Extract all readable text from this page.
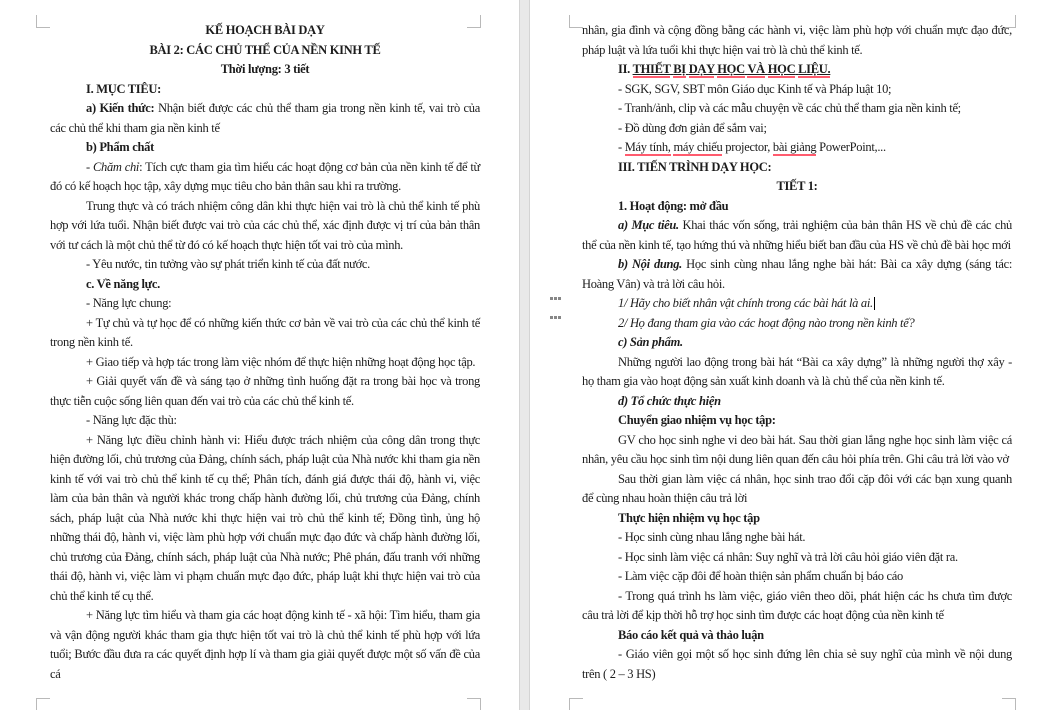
KẾ HOẠCH BÀI DẠY

BÀI 2: CÁC CHỦ THỂ CỦA NỀN KINH TẾ

Thời lượng: 3 tiết

I. MỤC TIÊU:

a) Kiến thức: Nhận biết được các chủ thể tham gia trong nền kinh tế, vai trò của các chủ thể khi tham gia nền kinh tế

b) Phẩm chất

- Chăm chỉ: Tích cực tham gia tìm hiểu các hoạt động cơ bản của nền kinh tế để từ đó có kế hoạch học tập, xây dựng mục tiêu cho bản thân sau khi ra trường.

Trung thực và có trách nhiệm công dân khi thực hiện vai trò là chủ thể kinh tế phù hợp với lứa tuổi. Nhận biết được vai trò của các chủ thể, xác định được vị trí của bản thân với tư cách là một chủ thể từ đó có kế hoạch thực hiện tốt vai trò của mình.

- Yêu nước, tin tưởng vào sự phát triển kinh tế của đất nước.

c. Về năng lực.

- Năng lực chung:

+ Tự chủ và tự học để có những kiến thức cơ bản về vai trò của các chủ thể kinh tế trong nền kinh tế.

+ Giao tiếp và hợp tác trong làm việc nhóm để thực hiện những hoạt động học tập.

+ Giải quyết vấn đề và sáng tạo ở những tình huống đặt ra trong bài học và trong thực tiễn cuộc sống liên quan đến vai trò của các chủ thể kinh tế.

- Năng lực đặc thù:

+ Năng lực điều chỉnh hành vi: Hiểu được trách nhiệm của công dân trong thực hiện đường lối, chủ trương của Đảng, chính sách, pháp luật của Nhà nước khi tham gia nền kinh tế với vai trò chủ thể kinh tế cụ thể; Phân tích, đánh giá được thái độ, hành vi, việc làm của bản thân và người khác trong chấp hành đường lối, chủ trương của Đảng, chính sách, pháp luật của Nhà nước khi thực hiện vai trò chủ thể kinh tế; Đồng tình, ủng hộ những thái độ, hành vi, việc làm phù hợp với chuẩn mực đạo đức và chấp hành đường lối, chủ trương của Đảng, chính sách, pháp luật của Nhà nước; Phê phán, đấu tranh với những thái độ, hành vi, việc làm vi phạm chuẩn mực đạo đức, pháp luật khi thực hiện vai trò của chủ thể kinh tế cụ thể.

+ Năng lực tìm hiểu và tham gia các hoạt động kinh tế - xã hội: Tìm hiểu, tham gia và vận động người khác tham gia thực hiện tốt vai trò là chủ thể kinh tế phù hợp với lứa tuổi; Bước đầu đưa ra các quyết định hợp lí và tham gia giải quyết được một số vấn đề của cá

nhân, gia đình và cộng đồng bằng các hành vi, việc làm phù hợp với chuẩn mực đạo đức, pháp luật và lứa tuổi khi thực hiện vai trò là chủ thể kinh tế.

II. THIẾT BỊ DẠY HỌC VÀ HỌC LIỆU.

- SGK, SGV, SBT môn Giáo dục Kinh tế và Pháp luật 10;

- Tranh/ảnh, clip và các mẫu chuyện về các chủ thể tham gia nền kinh tế;

- Đồ dùng đơn giản để sắm vai;

- Máy tính, máy chiếu projector, bài giảng PowerPoint,...

III. TIẾN TRÌNH DẠY HỌC:

TIẾT 1:

1. Hoạt động: mở đầu

a) Mục tiêu. Khai thác vốn sống, trải nghiệm của bản thân HS về chủ đề các chủ thể của nền kinh tế, tạo hứng thú và những hiểu biết ban đầu của HS về chủ đề bài học mới

b) Nội dung. Học sinh cùng nhau lắng nghe bài hát: Bài ca xây dựng (sáng tác: Hoàng Vân) và trả lời câu hỏi.

1/ Hãy cho biết nhân vật chính trong các bài hát là ai.

2/ Họ đang tham gia vào các hoạt động nào trong nền kinh tế?

c) Sản phẩm.

Những người lao động trong bài hát “Bài ca xây dựng” là những người thợ xây - họ tham gia vào hoạt động sản xuất kinh doanh và là chủ thể của nền kinh tế.

d) Tổ chức thực hiện

Chuyển giao nhiệm vụ học tập:

GV cho học sinh nghe vi deo bài hát. Sau thời gian lắng nghe học sinh làm việc cá nhân, yêu cầu học sinh tìm nội dung liên quan đến câu hỏi phía trên. Ghi câu trả lời vào vở

Sau thời gian làm việc cá nhân, học sinh trao đổi cặp đôi với các bạn xung quanh để cùng nhau hoàn thiện câu trả lời

Thực hiện nhiệm vụ học tập

- Học sinh cùng nhau lắng nghe bài hát.

- Học sinh làm việc cá nhân: Suy nghĩ và trả lời câu hỏi giáo viên đặt ra.

- Làm việc cặp đôi để hoàn thiện sản phẩm chuẩn bị báo cáo

- Trong quá trình hs làm việc, giáo viên theo dõi, phát hiện các hs chưa tìm được câu trả lời để kịp thời hỗ trợ học sinh tìm được các hoạt động của nền kinh tế

Báo cáo kết quả và thảo luận

- Giáo viên gọi một số học sinh đứng lên chia sẻ suy nghĩ của mình về nội dung trên ( 2 – 3 HS)
